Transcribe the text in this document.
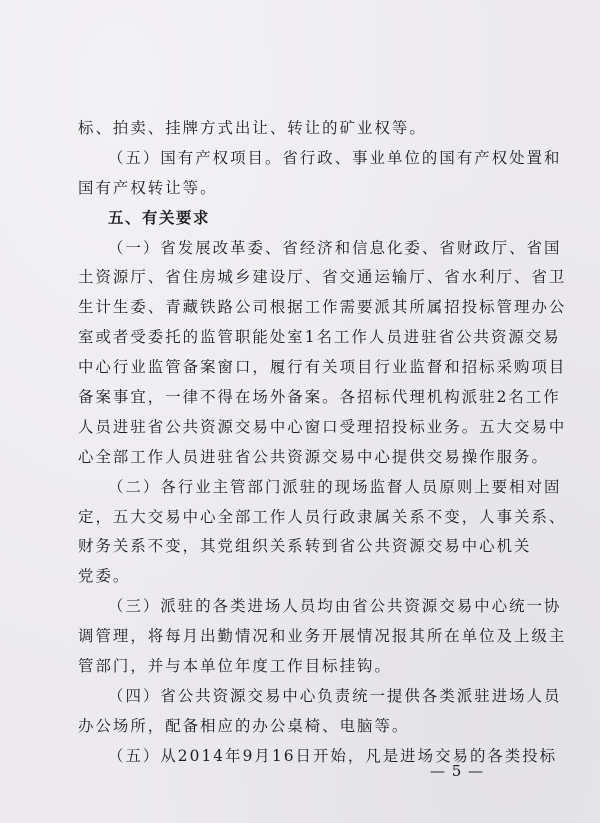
标、拍卖、挂牌方式出让、转让的矿业权等。
（五）国有产权项目。省行政、事业单位的国有产权处置和
国有产权转让等。
五、有关要求
（一）省发展改革委、省经济和信息化委、省财政厅、省国
土资源厅、省住房城乡建设厅、省交通运输厅、省水利厅、省卫
生计生委、青藏铁路公司根据工作需要派其所属招投标管理办公
室或者受委托的监管职能处室1名工作人员进驻省公共资源交易
中心行业监管备案窗口，履行有关项目行业监督和招标采购项目
备案事宜，一律不得在场外备案。各招标代理机构派驻2名工作
人员进驻省公共资源交易中心窗口受理招投标业务。五大交易中
心全部工作人员进驻省公共资源交易中心提供交易操作服务。
（二）各行业主管部门派驻的现场监督人员原则上要相对固
定，五大交易中心全部工作人员行政隶属关系不变，人事关系、
财务关系不变，其党组织关系转到省公共资源交易中心机关
党委。
（三）派驻的各类进场人员均由省公共资源交易中心统一协
调管理，将每月出勤情况和业务开展情况报其所在单位及上级主
管部门，并与本单位年度工作目标挂钩。
（四）省公共资源交易中心负责统一提供各类派驻进场人员
办公场所，配备相应的办公桌椅、电脑等。
（五）从2014年9月16日开始，凡是进场交易的各类投标
— 5 —
